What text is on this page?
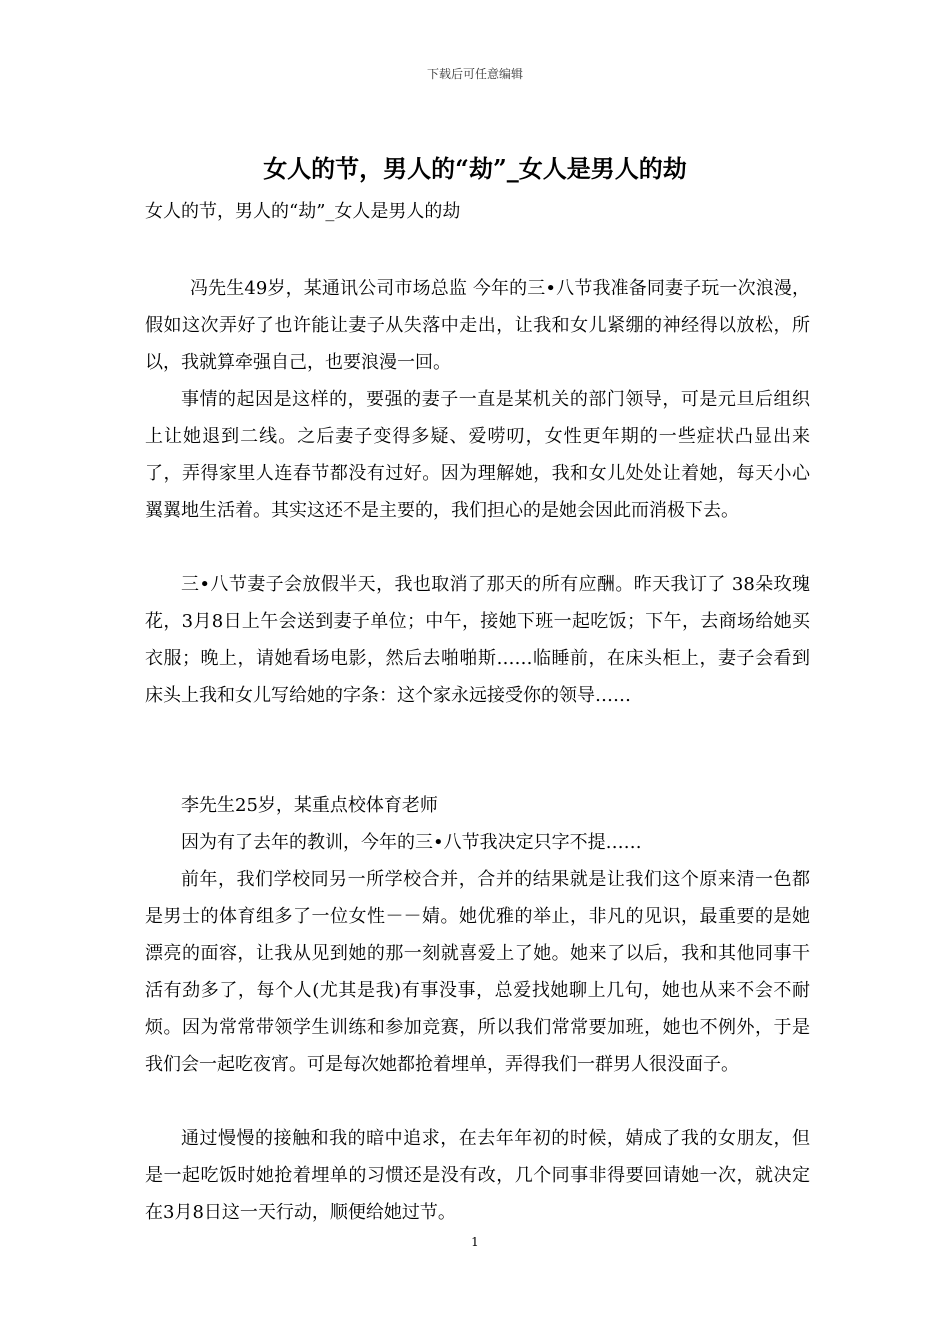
下载后可任意编辑
女人的节，男人的“劫”_女人是男人的劫

女人的节，男人的“劫”_女人是男人的劫

冯先生49岁，某通讯公司市场总监 今年的三•八节我准备同妻子玩一次浪漫，假如这次弄好了也许能让妻子从失落中走出，让我和女儿紧绷的神经得以放松，所以，我就算牵强自己，也要浪漫一回。

事情的起因是这样的，要强的妻子一直是某机关的部门领导，可是元旦后组织上让她退到二线。之后妻子变得多疑、爱唠叨，女性更年期的一些症状凸显出来了，弄得家里人连春节都没有过好。因为理解她，我和女儿处处让着她，每天小心翼翼地生活着。其实这还不是主要的，我们担心的是她会因此而消极下去。

三•八节妻子会放假半天，我也取消了那天的所有应酬。昨天我订了 38朵玫瑰花，3月8日上午会送到妻子单位；中午，接她下班一起吃饭；下午，去商场给她买衣服；晚上，请她看场电影，然后去啪啪斯……临睡前，在床头柜上，妻子会看到床头上我和女儿写给她的字条：这个家永远接受你的领导……

李先生25岁，某重点校体育老师

因为有了去年的教训，今年的三•八节我决定只字不提……

前年，我们学校同另一所学校合并，合并的结果就是让我们这个原来清一色都是男士的体育组多了一位女性－－婧。她优雅的举止，非凡的见识，最重要的是她漂亮的面容，让我从见到她的那一刻就喜爱上了她。她来了以后，我和其他同事干活有劲多了，每个人(尤其是我)有事没事，总爱找她聊上几句，她也从来不会不耐烦。因为常常带领学生训练和参加竞赛，所以我们常常要加班，她也不例外，于是我们会一起吃夜宵。可是每次她都抢着埋单，弄得我们一群男人很没面子。

通过慢慢的接触和我的暗中追求，在去年年初的时候，婧成了我的女朋友，但是一起吃饭时她抢着埋单的习惯还是没有改，几个同事非得要回请她一次，就决定在3月8日这一天行动，顺便给她过节。

1
